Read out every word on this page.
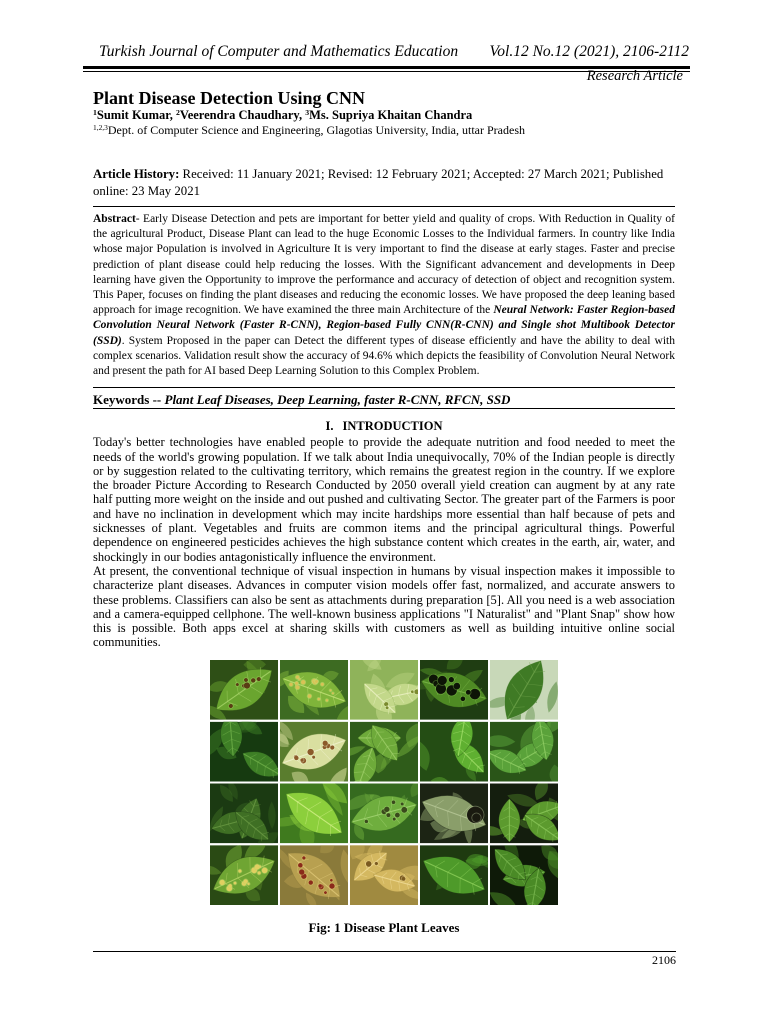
Turkish Journal of Computer and Mathematics Education Vol.12 No.12 (2021), 2106-2112
Research Article
Plant Disease Detection Using CNN
$^1$Sumit Kumar, $^2$Veerendra Chaudhary, $^3$Ms. Supriya Khaitan Chandra
$^{1,2,3}$Dept. of Computer Science and Engineering, Glagotias University, India, uttar Pradesh
Article History: Received: 11 January 2021; Revised: 12 February 2021; Accepted: 27 March 2021; Published online: 23 May 2021
Abstract- Early Disease Detection and pets are important for better yield and quality of crops. With Reduction in Quality of the agricultural Product, Disease Plant can lead to the huge Economic Losses to the Individual farmers. In country like India whose major Population is involved in Agriculture It is very important to find the disease at early stages. Faster and precise prediction of plant disease could help reducing the losses. With the Significant advancement and developments in Deep learning have given the Opportunity to improve the performance and accuracy of detection of object and recognition system. This Paper, focuses on finding the plant diseases and reducing the economic losses. We have proposed the deep leaning based approach for image recognition. We have examined the three main Architecture of the Neural Network: Faster Region-based Convolution Neural Network (Faster R-CNN), Region-based Fully CNN(R-CNN) and Single shot Multibook Detector (SSD). System Proposed in the paper can Detect the different types of disease efficiently and have the ability to deal with complex scenarios. Validation result show the accuracy of 94.6% which depicts the feasibility of Convolution Neural Network and present the path for AI based Deep Learning Solution to this Complex Problem.
Keywords -- Plant Leaf Diseases, Deep Learning, faster R-CNN, RFCN, SSD
I. INTRODUCTION

Today's better technologies have enabled people to provide the adequate nutrition and food needed to meet the needs of the world's growing population. If we talk about India unequivocally, 70% of the Indian people is directly or by suggestion related to the cultivating territory, which remains the greatest region in the country. If we explore the broader Picture According to Research Conducted by 2050 overall yield creation can augment by at any rate half putting more weight on the inside and out pushed and cultivating Sector. The greater part of the Farmers is poor and have no inclination in development which may incite hardships more essential than half because of pets and sicknesses of plant. Vegetables and fruits are common items and the principal agricultural things. Powerful dependence on engineered pesticides achieves the high substance content which creates in the earth, air, water, and shockingly in our bodies antagonistically influence the environment.

At present, the conventional technique of visual inspection in humans by visual inspection makes it impossible to characterize plant diseases. Advances in computer vision models offer fast, normalized, and accurate answers to these problems. Classifiers can also be sent as attachments during preparation [5]. All you need is a web association and a camera-equipped cellphone. The well-known business applications "I Naturalist" and "Plant Snap" show how this is possible. Both apps excel at sharing skills with customers as well as building intuitive online social communities.

Fig: 1 Disease Plant Leaves
2106
